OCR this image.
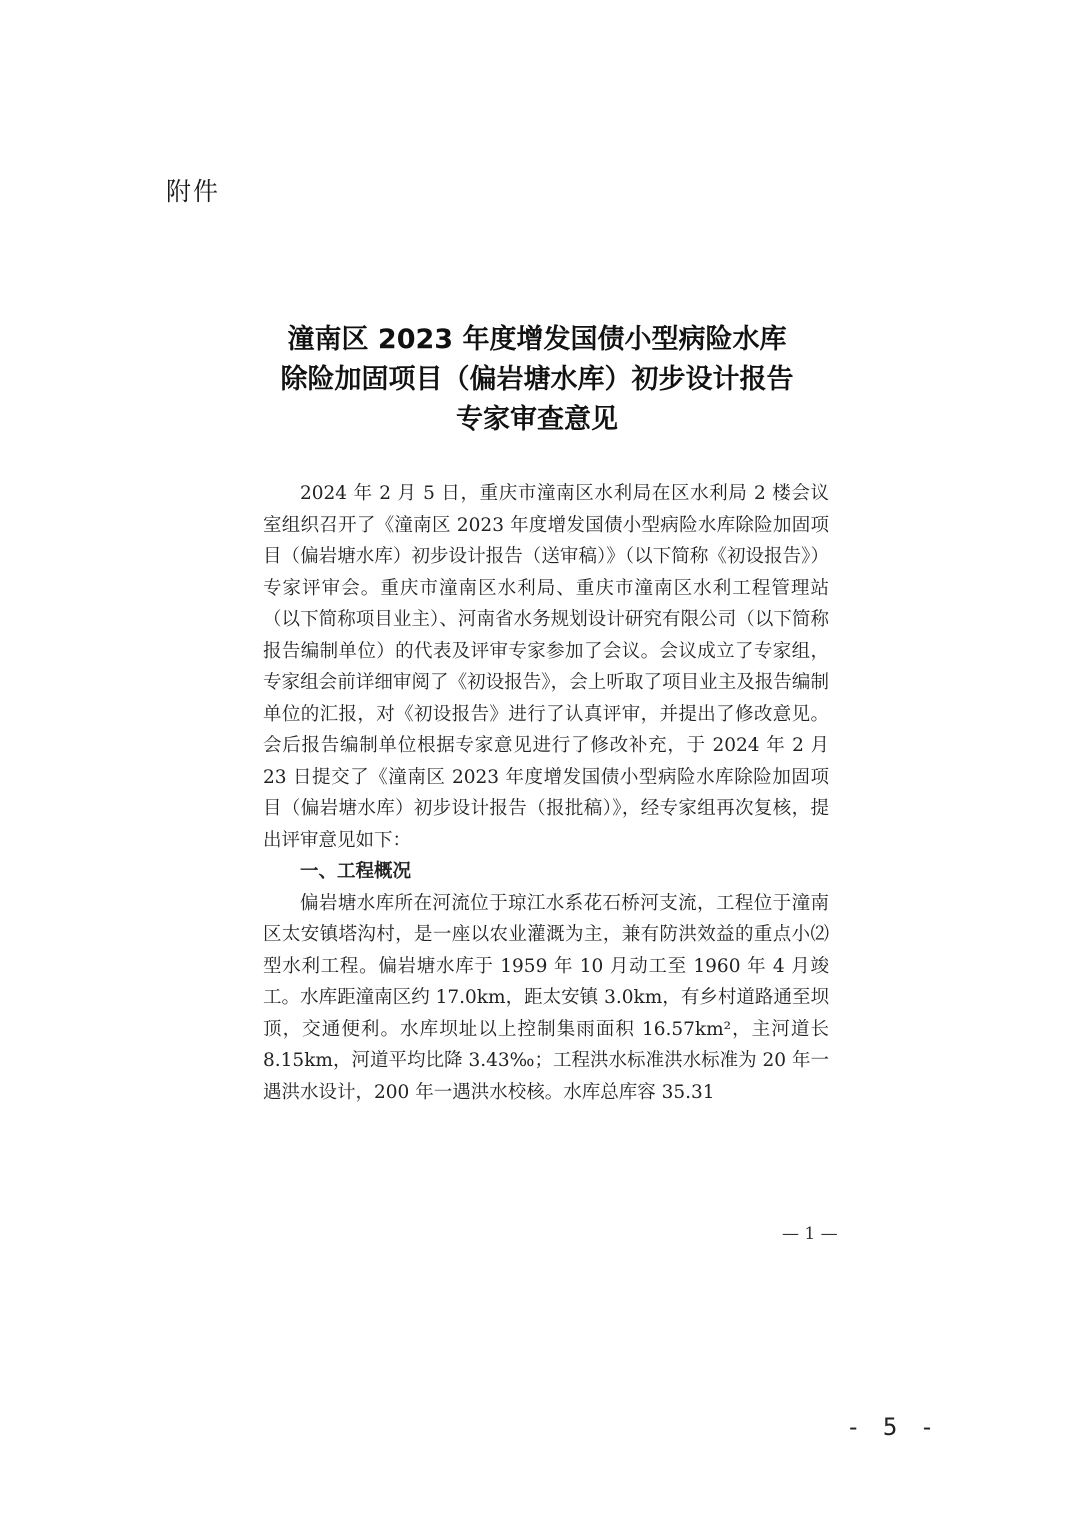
附件
潼南区 2023 年度增发国债小型病险水库
除险加固项目（偏岩塘水库）初步设计报告
专家审查意见

2024 年 2 月 5 日，重庆市潼南区水利局在区水利局 2 楼会议室组织召开了《潼南区 2023 年度增发国债小型病险水库除险加固项目（偏岩塘水库）初步设计报告（送审稿）》（以下简称《初设报告》）专家评审会。重庆市潼南区水利局、重庆市潼南区水利工程管理站（以下简称项目业主）、河南省水务规划设计研究有限公司（以下简称报告编制单位）的代表及评审专家参加了会议。会议成立了专家组，专家组会前详细审阅了《初设报告》，会上听取了项目业主及报告编制单位的汇报，对《初设报告》进行了认真评审，并提出了修改意见。会后报告编制单位根据专家意见进行了修改补充，于 2024 年 2 月 23 日提交了《潼南区 2023 年度增发国债小型病险水库除险加固项目（偏岩塘水库）初步设计报告（报批稿）》，经专家组再次复核，提出评审意见如下：

一、工程概况

偏岩塘水库所在河流位于琼江水系花石桥河支流，工程位于潼南区太安镇塔沟村，是一座以农业灌溉为主，兼有防洪效益的重点小⑵型水利工程。偏岩塘水库于 1959 年 10 月动工至 1960 年 4 月竣工。水库距潼南区约 17.0km，距太安镇 3.0km，有乡村道路通至坝顶，交通便利。水库坝址以上控制集雨面积 16.57km²，主河道长 8.15km，河道平均比降 3.43‰；工程洪水标准洪水标准为 20 年一遇洪水设计，200 年一遇洪水校核。水库总库容 35.31

— 1 —
- 5 -
